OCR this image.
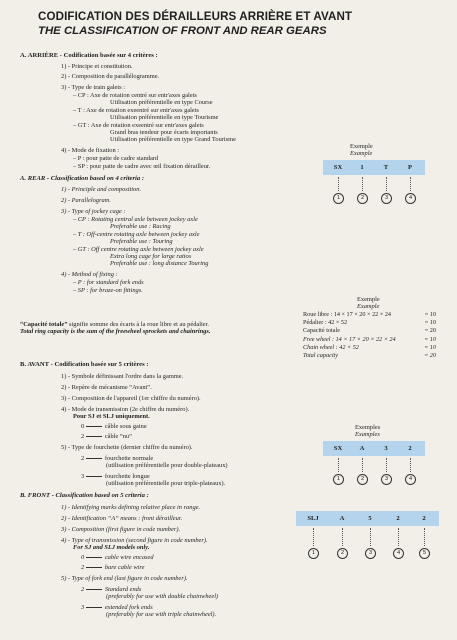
CODIFICATION DES DÉRAILLEURS ARRIÈRE ET AVANT
THE CLASSIFICATION OF FRONT AND REAR GEARS
A. ARRIÈRE - Codification basée sur 4 critères :
1) - Principe et constitution.
2) - Composition du parallélogramme.
3) - Type de train galets :
– CP : Axe de rotation centré sur entr'axes galets
Utilisation préférentielle en type Course
– T : Axe de rotation exeentré sur entr'axes galets
Utilisation préférentielle en type Tourisme
– GT : Axe de rotation exeentré sur entr'axes galets
Grand bras tendeur pour écarts importants
Utilisation préférentielle en type Grand Tourisme
4) - Mode de fixation :
– P : pour patte de cadre standard
– SP : pour patte de cadre avec œil fixation dérailleur.
A. REAR - Classification based on 4 criteria :
1) - Principle and composition.
2) - Parallelogram.
3) - Type of jockey cage :
– CP : Rotating central axle between jockey axle
Preferable use : Racing
– T : Off-centre rotating axle between jockey axle
Preferable use : Touring
– GT : Off centre rotating axle between jockey axle
Extra long cage for large ratios
Preferable use : long distance Touring
4) - Method of fixing :
– P : for standard fork ends
– SP : for braze-on fittings.
Exemple
Example
SX	1	T	P
1	2	3	4
Exemple
Example
Roue libre : 14 × 17 × 20 × 22 × 24	= 10
Pédalier : 42 × 52	= 10
Capacité totale	= 20
Free wheel : 14 × 17 × 20 × 22 × 24	= 10
Chain wheel : 42 × 52	= 10
Total capacity	= 20
“Capacité totale” signifie somme des écarts à la roue libre et au pédalier.
Total ring capacity is the sum of the freewheel sprockets and chainrings.
B. AVANT - Codification basée sur 5 critères :
1) - Symbole définissant l'ordre dans la gamme.
2) - Repère de mécanisme “Avant”.
3) - Composition de l'appareil (1er chiffre du numéro).
4) - Mode de transmission (2e chiffre du numéro).
Pour SJ et SLJ uniquement.
0	câble sous gaine
2	câble “nu”
5) - Type de fourchette (dernier chiffre du numéro).
2	fourchette normale
(utilisation préférentielle pour double-plateaux)
3	fourchette longue
(utilisation préférentielle pour triple-plateaux).
Exemples
Examples
SX	A	3	2
1	2	3	4
B. FRONT - Classification based on 5 criteria :
1) - Identifying marks defining relative place in range.
2) - Identification “A” means : front dérailleur.
3) - Composition (first figure in code number).
4) - Type of transmission (second figure in code number).
For SJ and SLJ models only.
0	cable wire encased
2	bare cable wire
5) - Type of fork end (last figure in code number).
2	Standard ends
(preferably for use with double chainwheel)
3	extended fork ends
(preferably for use with triple chainwheel).
SLJ	A	5	2	2
1	2	3	4	5
